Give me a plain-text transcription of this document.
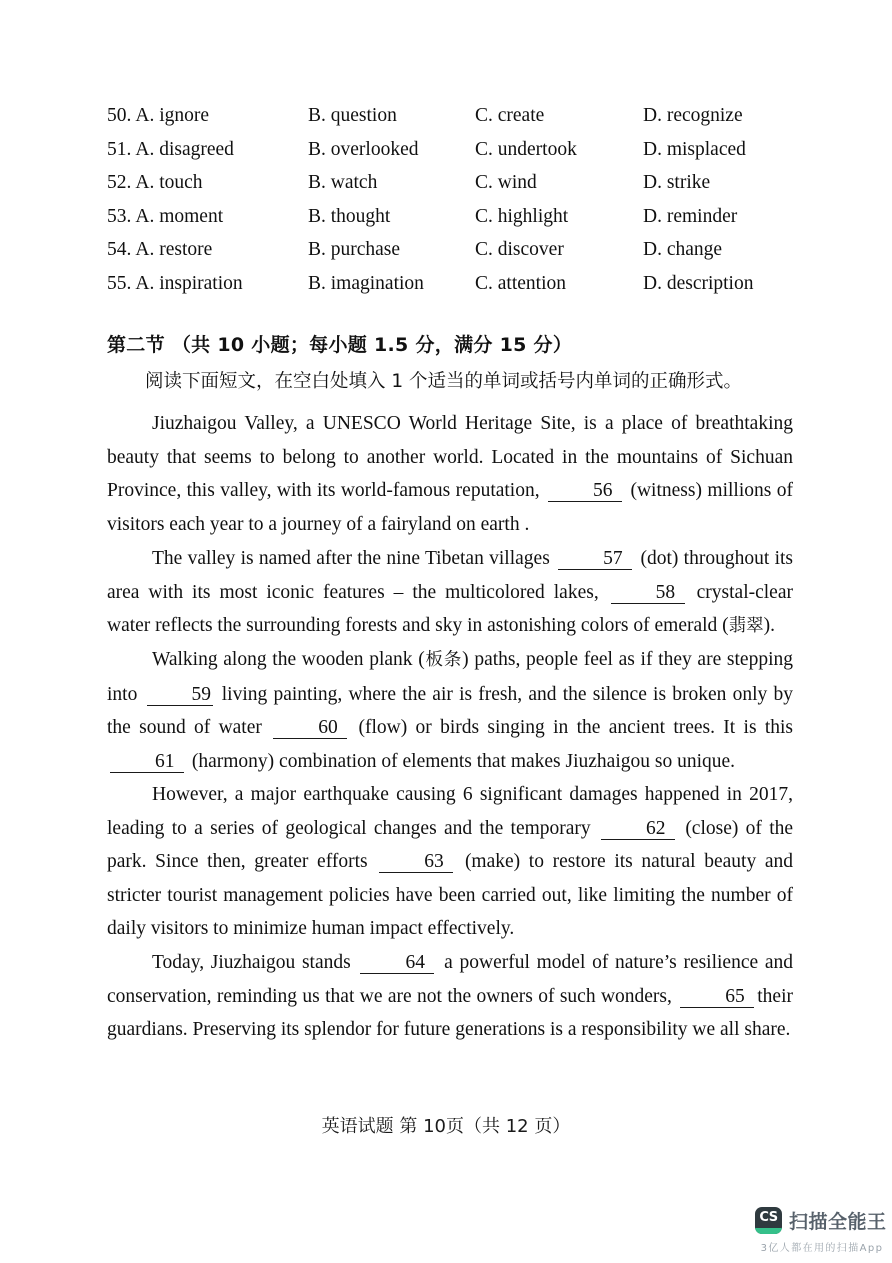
50. A. ignore	B. question	C. create	D. recognize
51. A. disagreed	B. overlooked	C. undertook	D. misplaced
52. A. touch	B. watch	C. wind	D. strike
53. A. moment	B. thought	C. highlight	D. reminder
54. A. restore	B. purchase	C. discover	D. change
55. A. inspiration	B. imagination	C. attention	D. description
第二节 （共 10 小题；每小题 1.5 分，满分 15 分）
阅读下面短文，在空白处填入 1 个适当的单词或括号内单词的正确形式。

Jiuzhaigou Valley, a UNESCO World Heritage Site, is a place of breathtaking beauty that seems to belong to another world. Located in the mountains of Sichuan Province, this valley, with its world-famous reputation,	56 (witness) millions of visitors each year to a journey of a fairyland on earth .

The valley is named after the nine Tibetan villages	57 (dot) throughout its area with its most iconic features – the multicolored lakes,	58 crystal-clear water reflects the surrounding forests and sky in astonishing colors of emerald (翡翠).

Walking along the wooden plank (板条) paths, people feel as if they are stepping into	59 living painting, where the air is fresh, and the silence is broken only by the sound of water	60 (flow) or birds singing in the ancient trees. It is this 61 (harmony) combination of elements that makes Jiuzhaigou so unique.

However, a major earthquake causing 6 significant damages happened in 2017, leading to a series of geological changes and the temporary	62 (close) of the park. Since then, greater efforts	63 (make) to restore its natural beauty and stricter tourist management policies have been carried out, like limiting the number of daily visitors to minimize human impact effectively.

Today, Jiuzhaigou stands	64 a powerful model of nature’s resilience and conservation, reminding us that we are not the owners of such wonders,	65 their guardians. Preserving its splendor for future generations is a responsibility we all share.

英语试题 第 10页（共 12 页）
CS 扫描全能王
3亿人都在用的扫描App
